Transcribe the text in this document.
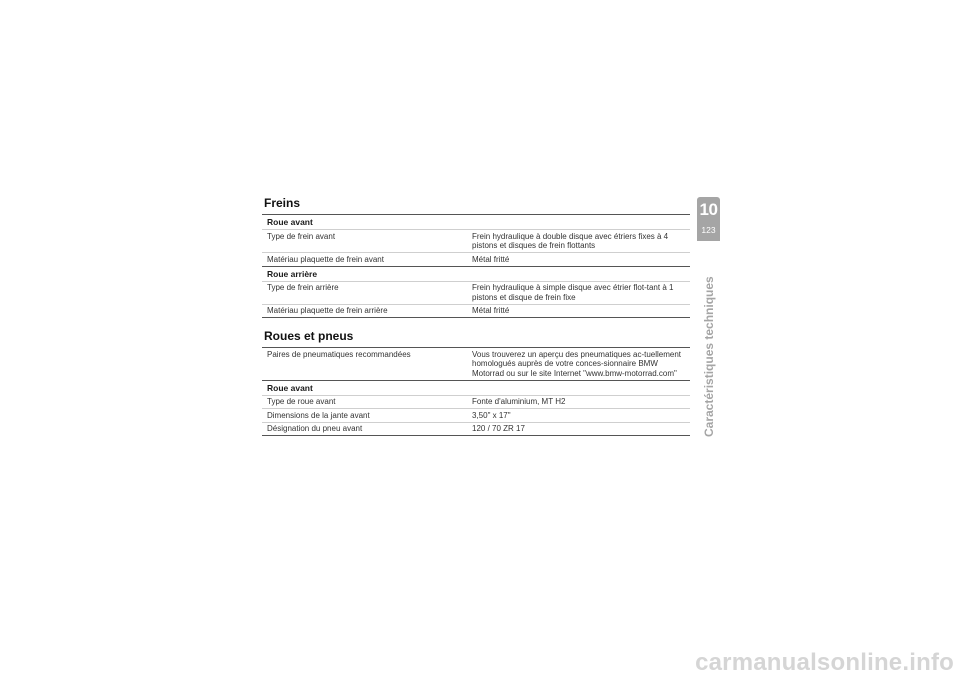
Freins
Roue avant
Type de frein avant	Frein hydraulique à double disque avec étriers fixes à 4 pistons et disques de frein flottants
Matériau plaquette de frein avant	Métal fritté
Roue arrière
Type de frein arrière	Frein hydraulique à simple disque avec étrier flot-tant à 1 pistons et disque de frein fixe
Matériau plaquette de frein arrière	Métal fritté
Roues et pneus
Paires de pneumatiques recommandées	Vous trouverez un aperçu des pneumatiques ac-tuellement homologués auprès de votre conces-sionnaire BMW Motorrad ou sur le site Internet "www.bmw-motorrad.com"
Roue avant
Type de roue avant	Fonte d'aluminium, MT H2
Dimensions de la jante avant	3,50" x 17"
Désignation du pneu avant	120 / 70 ZR 17
10
123
Caractéristiques techniques
carmanualsonline.info
